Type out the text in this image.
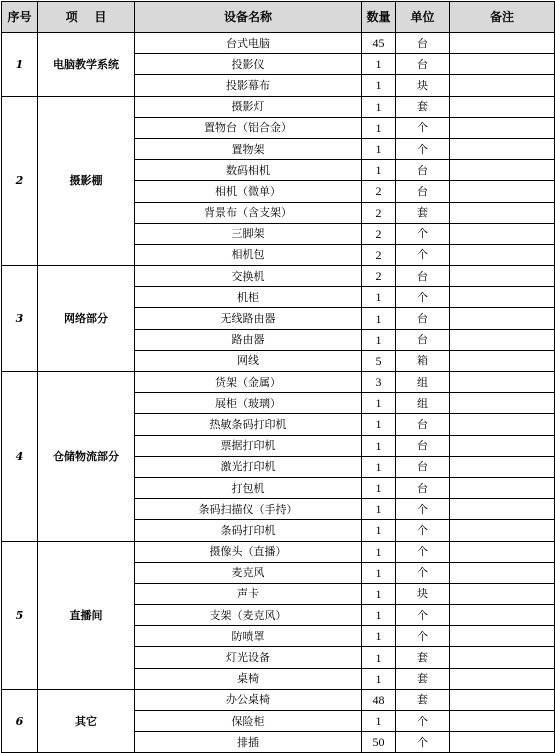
序号	项    目	设备名称	数量	单位	备注
1	电脑教学系统	台式电脑	45	台	
		投影仪	1	台	
		投影幕布	1	块	
2	摄影棚	摄影灯	1	套	
		置物台（铝合金）	1	个	
		置物架	1	个	
		数码相机	1	台	
		相机（微单）	2	台	
		背景布（含支架）	2	套	
		三脚架	2	个	
		相机包	2	个	
3	网络部分	交换机	2	台	
		机柜	1	个	
		无线路由器	1	台	
		路由器	1	台	
		网线	5	箱	
4	仓储物流部分	货架（金属）	3	组	
		展柜（玻璃）	1	组	
		热敏条码打印机	1	台	
		票据打印机	1	台	
		激光打印机	1	台	
		打包机	1	台	
		条码扫描仪（手持）	1	个	
		条码打印机	1	个	
5	直播间	摄像头（直播）	1	个	
		麦克风	1	个	
		声卡	1	块	
		支架（麦克风）	1	个	
		防喷罩	1	个	
		灯光设备	1	套	
		桌椅	1	套	
6	其它	办公桌椅	48	套	
		保险柜	1	个	
		排插	50	个	
